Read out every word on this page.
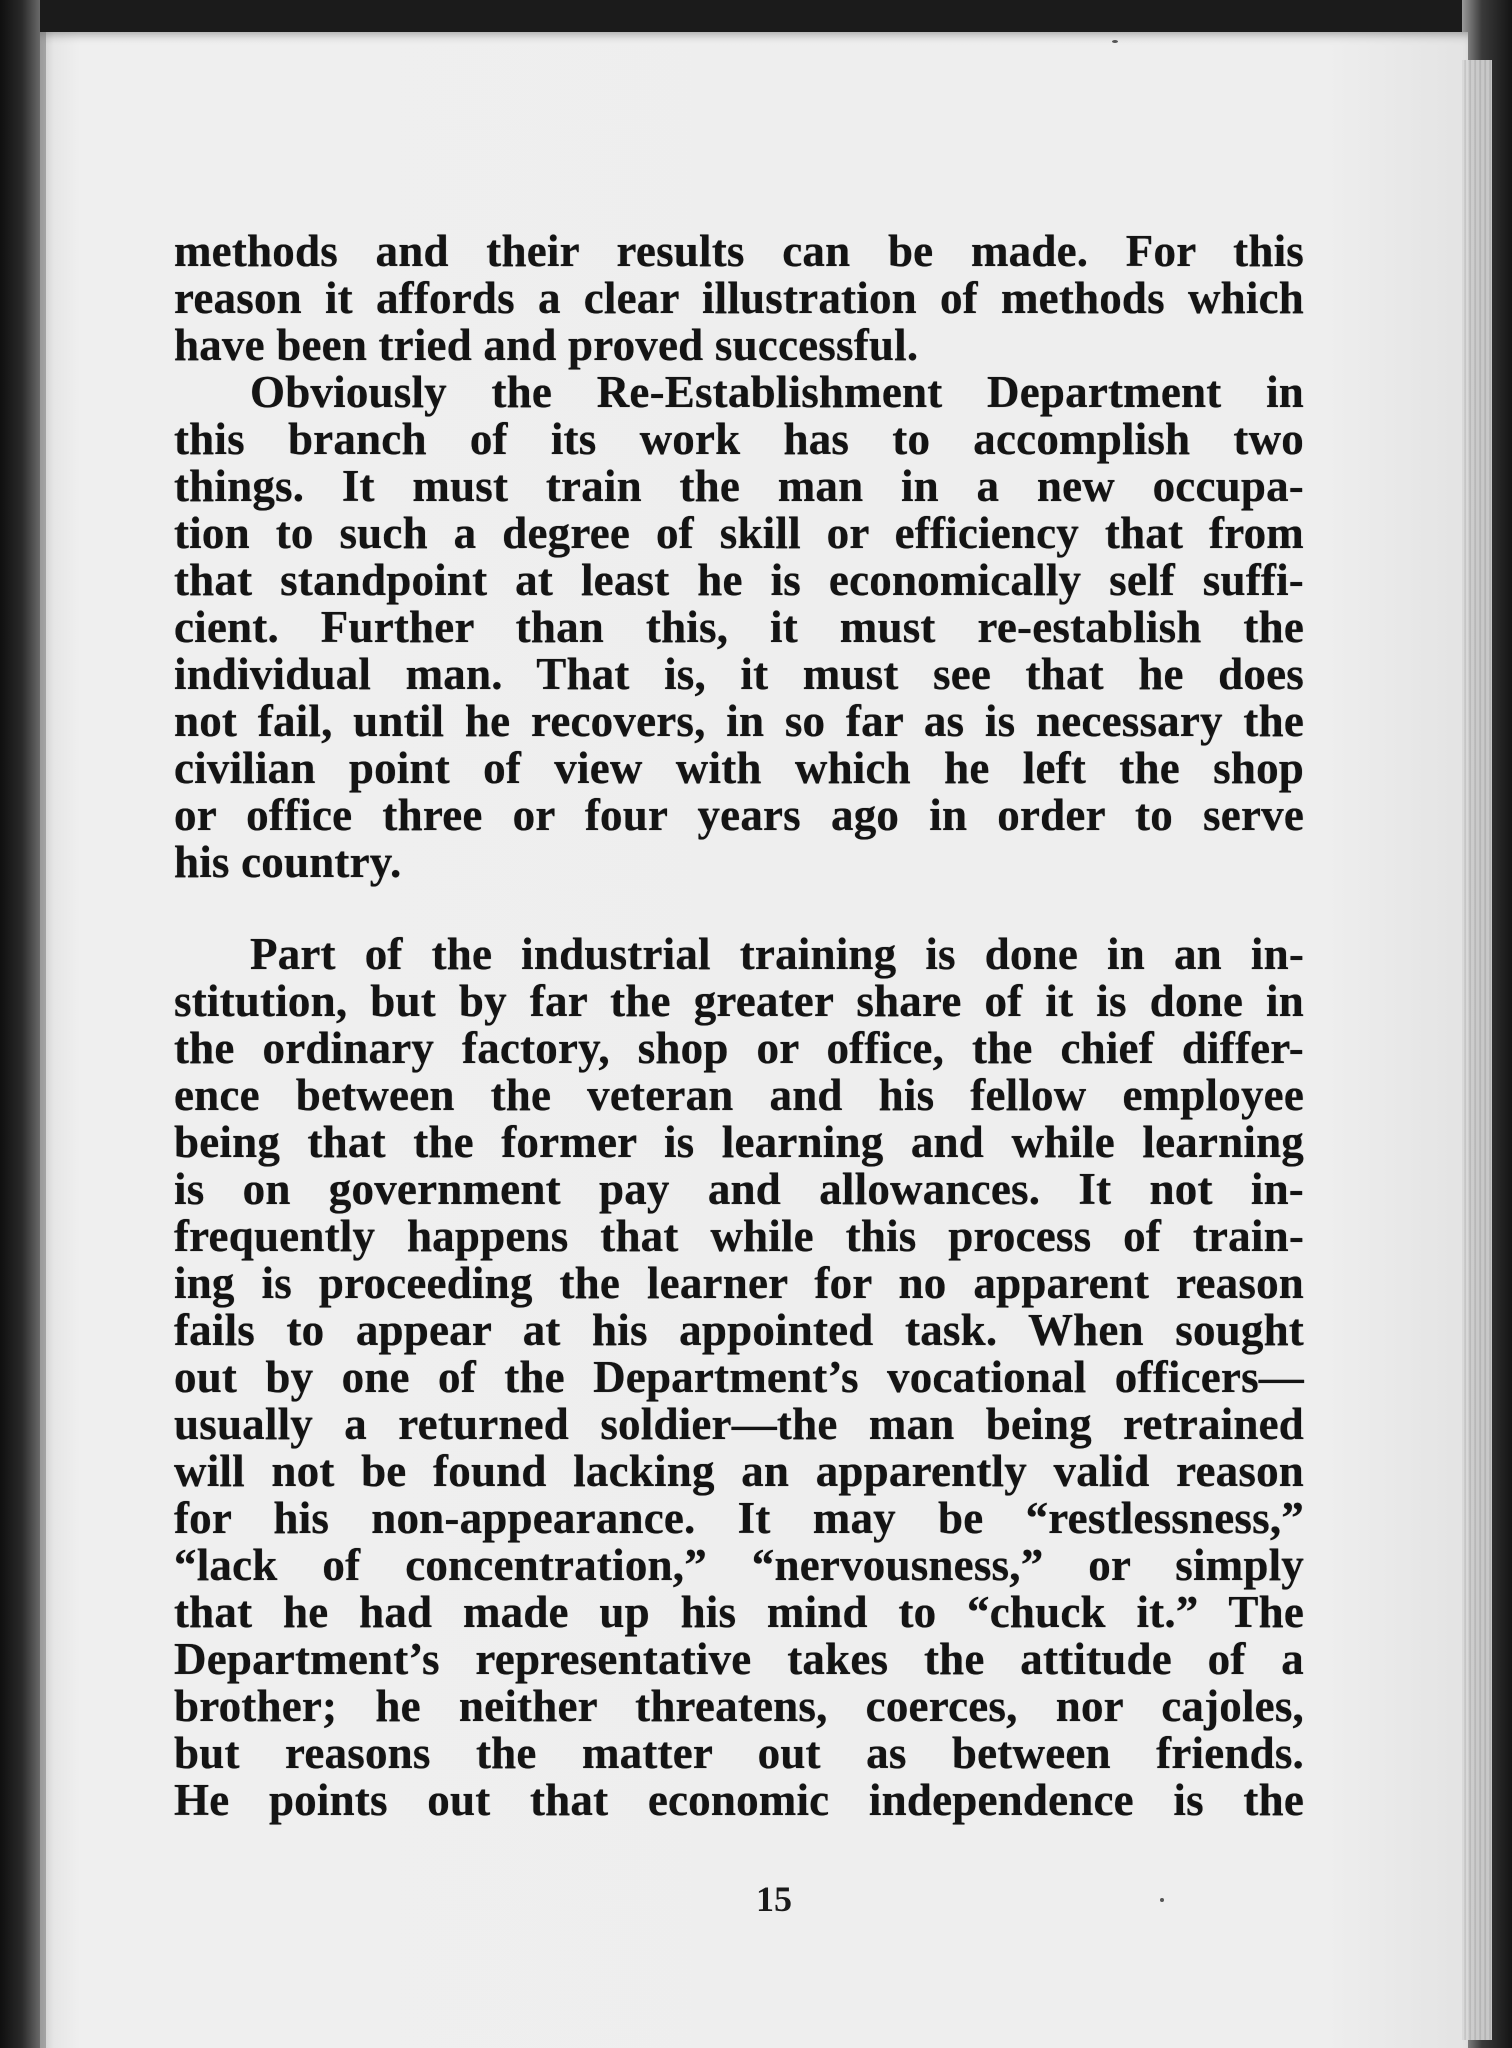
methods and their results can be made. For this
reason it affords a clear illustration of methods which
have been tried and proved successful.
Obviously the Re-Establishment Department in
this branch of its work has to accomplish two
things. It must train the man in a new occupa-
tion to such a degree of skill or efficiency that from
that standpoint at least he is economically self suffi-
cient. Further than this, it must re-establish the
individual man. That is, it must see that he does
not fail, until he recovers, in so far as is necessary the
civilian point of view with which he left the shop
or office three or four years ago in order to serve
his country.
Part of the industrial training is done in an in-
stitution, but by far the greater share of it is done in
the ordinary factory, shop or office, the chief differ-
ence between the veteran and his fellow employee
being that the former is learning and while learning
is on government pay and allowances. It not in-
frequently happens that while this process of train-
ing is proceeding the learner for no apparent reason
fails to appear at his appointed task. When sought
out by one of the Department’s vocational officers—
usually a returned soldier—the man being retrained
will not be found lacking an apparently valid reason
for his non-appearance. It may be “restlessness,”
“lack of concentration,” “nervousness,” or simply
that he had made up his mind to “chuck it.” The
Department’s representative takes the attitude of a
brother; he neither threatens, coerces, nor cajoles,
but reasons the matter out as between friends.
He points out that economic independence is the
15
